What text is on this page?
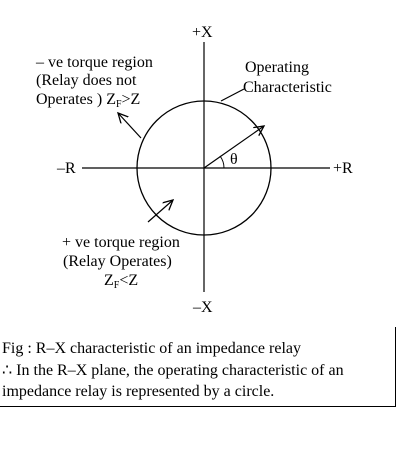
+X
–X
–R	+R
θ
– ve torque region
(Relay does not
Operates ) ZF>Z
Operating
Characteristic
+ ve torque region
(Relay Operates)
ZF<Z
Fig : R–X characteristic of an impedance relay
∴ In the R–X plane, the operating characteristic of an
impedance relay is represented by a circle.
